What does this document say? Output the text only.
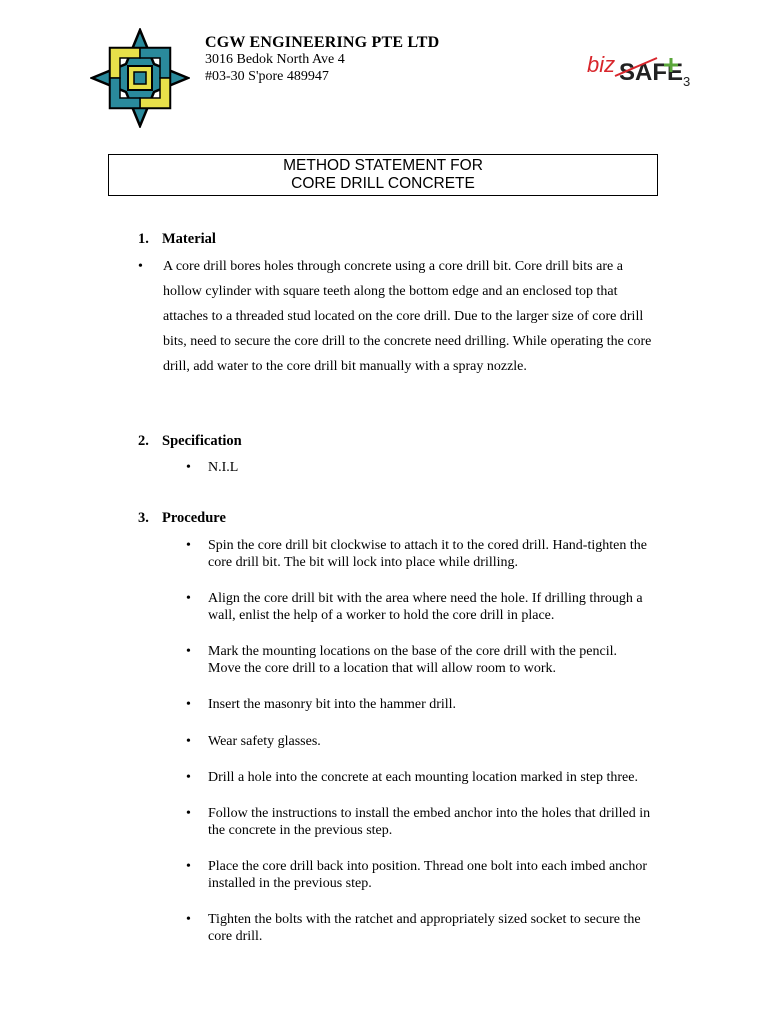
CGW ENGINEERING PTE LTD
3016 Bedok North Ave 4
#03-30 S'pore 489947	biz SAFE 3
METHOD STATEMENT FOR
CORE DRILL CONCRETE
1. Material
• A core drill bores holes through concrete using a core drill bit. Core drill bits are a hollow cylinder with square teeth along the bottom edge and an enclosed top that attaches to a threaded stud located on the core drill. Due to the larger size of core drill bits, need to secure the core drill to the concrete need drilling. While operating the core drill, add water to the core drill bit manually with a spray nozzle.
2. Specification
• N.I.L
3. Procedure
• Spin the core drill bit clockwise to attach it to the cored drill. Hand-tighten the core drill bit. The bit will lock into place while drilling.
• Align the core drill bit with the area where need the hole. If drilling through a wall, enlist the help of a worker to hold the core drill in place.
• Mark the mounting locations on the base of the core drill with the pencil. Move the core drill to a location that will allow room to work.
• Insert the masonry bit into the hammer drill.
• Wear safety glasses.
• Drill a hole into the concrete at each mounting location marked in step three.
• Follow the instructions to install the embed anchor into the holes that drilled in the concrete in the previous step.
• Place the core drill back into position. Thread one bolt into each imbed anchor installed in the previous step.
• Tighten the bolts with the ratchet and appropriately sized socket to secure the core drill.
